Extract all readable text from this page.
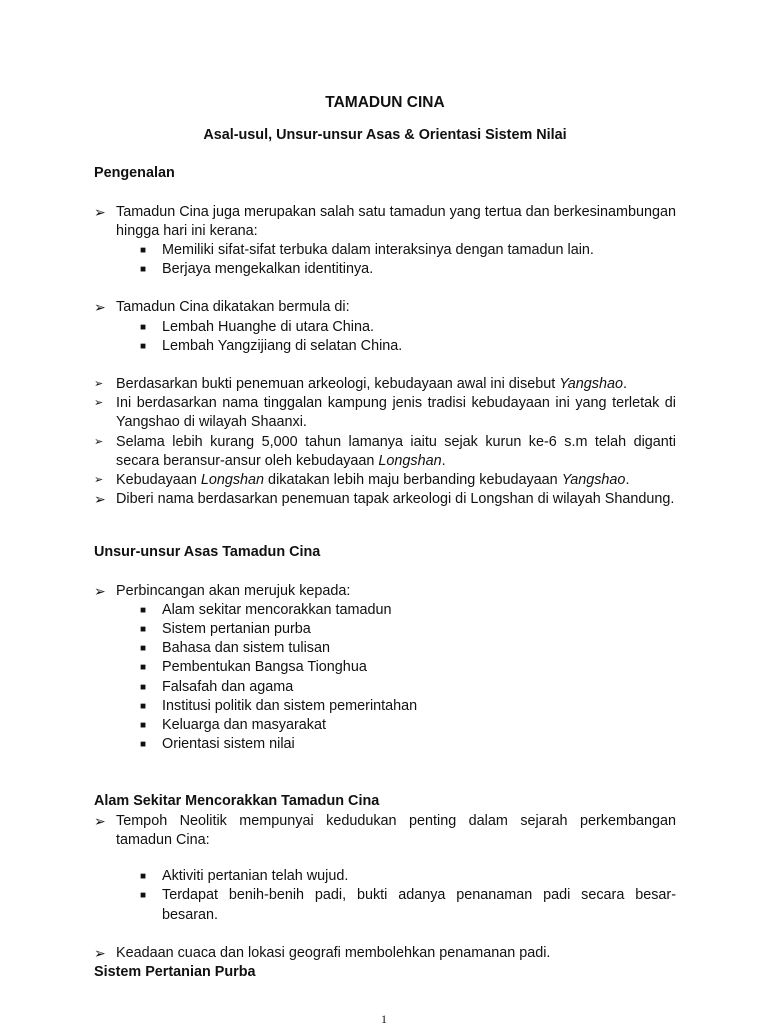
TAMADUN CINA
Asal-usul, Unsur-unsur Asas & Orientasi Sistem Nilai
Pengenalan
➢ Tamadun Cina juga merupakan salah satu tamadun yang tertua dan berkesinambungan hingga hari ini kerana:
■ Memiliki sifat-sifat terbuka dalam interaksinya dengan tamadun lain.
■ Berjaya mengekalkan identitinya.
➢ Tamadun Cina dikatakan bermula di:
■ Lembah Huanghe di utara China.
■ Lembah Yangzijiang di selatan China.
➢ Berdasarkan bukti penemuan arkeologi, kebudayaan awal ini disebut Yangshao.
➢ Ini berdasarkan nama tinggalan kampung jenis tradisi kebudayaan ini yang terletak di Yangshao di wilayah Shaanxi.
➢ Selama lebih kurang 5,000 tahun lamanya iaitu sejak kurun ke-6 s.m telah diganti secara beransur-ansur oleh kebudayaan Longshan.
➢ Kebudayaan Longshan dikatakan lebih maju berbanding kebudayaan Yangshao.
➢ Diberi nama berdasarkan penemuan tapak arkeologi di Longshan di wilayah Shandung.
Unsur-unsur Asas Tamadun Cina
➢ Perbincangan akan merujuk kepada:
■ Alam sekitar mencorakkan tamadun
■ Sistem pertanian purba
■ Bahasa dan sistem tulisan
■ Pembentukan Bangsa Tionghua
■ Falsafah dan agama
■ Institusi politik dan sistem pemerintahan
■ Keluarga dan masyarakat
■ Orientasi sistem nilai
Alam Sekitar Mencorakkan Tamadun Cina
➢ Tempoh Neolitik mempunyai kedudukan penting dalam sejarah perkembangan tamadun Cina:
■ Aktiviti pertanian telah wujud.
■ Terdapat benih-benih padi, bukti adanya penanaman padi secara besar-besaran.
➢ Keadaan cuaca dan lokasi geografi membolehkan penamanan padi.
Sistem Pertanian Purba
1
